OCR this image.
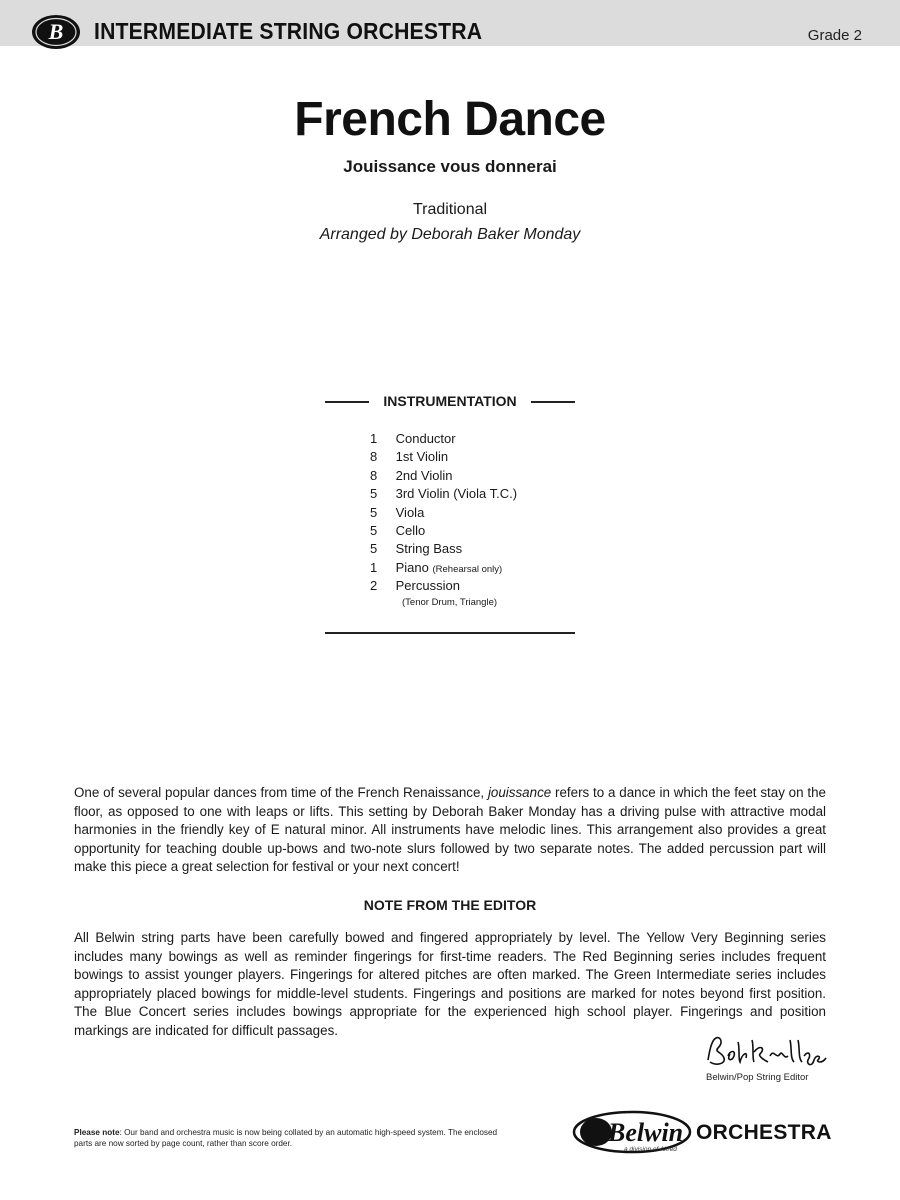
B INTERMEDIATE STRING ORCHESTRA	Grade 2
French Dance
Jouissance vous donnerai
Traditional
Arranged by Deborah Baker Monday
INSTRUMENTATION
1 Conductor
8 1st Violin
8 2nd Violin
5 3rd Violin (Viola T.C.)
5 Viola
5 Cello
5 String Bass
1 Piano (Rehearsal only)
2 Percussion
(Tenor Drum, Triangle)
One of several popular dances from time of the French Renaissance, jouissance refers to a dance in which the feet stay on the floor, as opposed to one with leaps or lifts. This setting by Deborah Baker Monday has a driving pulse with attractive modal harmonies in the friendly key of E natural minor. All instruments have melodic lines. This arrangement also provides a great opportunity for teaching double up-bows and two-note slurs followed by two separate notes. The added percussion part will make this piece a great selection for festival or your next concert!
NOTE FROM THE EDITOR
All Belwin string parts have been carefully bowed and fingered appropriately by level. The Yellow Very Beginning series includes many bowings as well as reminder fingerings for first-time readers. The Red Beginning series includes frequent bowings to assist younger players. Fingerings for altered pitches are often marked. The Green Intermediate series includes appropriately placed bowings for middle-level students. Fingerings and positions are marked for notes beyond first position. The Blue Concert series includes bowings appropriate for the experienced high school player. Fingerings and position markings are indicated for difficult passages.
Belwin/Pop String Editor
Please note: Our band and orchestra music is now being collated by an automatic high-speed system. The enclosed parts are now sorted by page count, rather than score order.	Belwin ORCHESTRA
a division of Alfred
